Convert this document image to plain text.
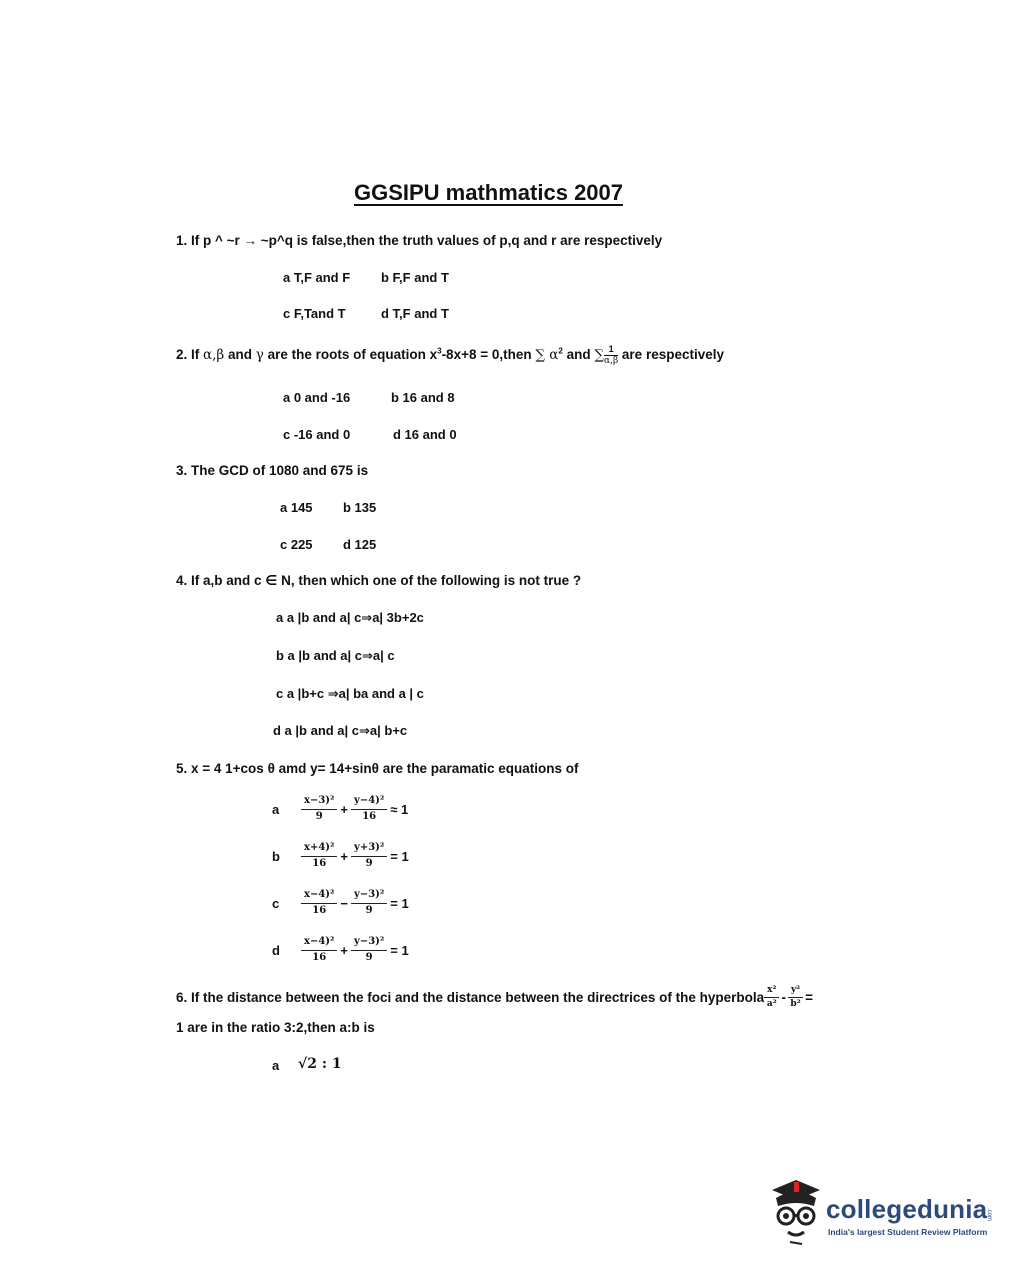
GGSIPU mathmatics 2007
1. If p ^ ~r → ~p^q is false,then the truth values of p,q and r are respectively
a T,F and F b F,F and T
c F,Tand T	d T,F and T
2. If α,β and γ are the roots of equation $x^3-8x+8$ = 0,then ∑ $\alpha^2$ and ∑ $\frac{1}{\alpha,\beta}$ are respectively
a 0 and -16	b 16 and 8
c -16 and 0	d 16 and 0
3. The GCD of 1080 and 675 is
a 145 b 135
c 225 d 125
4. If a,b and c ∈ N, then which one of the following is not true ?
a a |b and a| c⇒a| 3b+2c
b a |b and a| c⇒a| c
c a |b+c ⇒a| ba and a | c
d a |b and a| c⇒a| b+c
5. x = 4 1+cos θ amd y= 14+sinθ are the paramatic equations of
a	$\frac{\text{x−3)²}}{9} + \frac{\text{y−4)²}}{16} \approx 1$
b	$\frac{\text{x+4)²}}{16} + \frac{\text{y+3)²}}{9} = 1$
c	$\frac{\text{x−4)²}}{16} - \frac{\text{y−3)²}}{9} = 1$
d	$\frac{\text{x−4)²}}{16} + \frac{\text{y−3)²}}{9} = 1$
6. If the distance between the foci and the distance between the directrices of the hyperbola $\frac{\text{x²}}{\text{a²}} - \frac{\text{y²}}{\text{b²}}$ =
1 are in the ratio 3:2,then a:b is
a √2 : 1
collegedunia
.com
India's largest Student Review Platform
